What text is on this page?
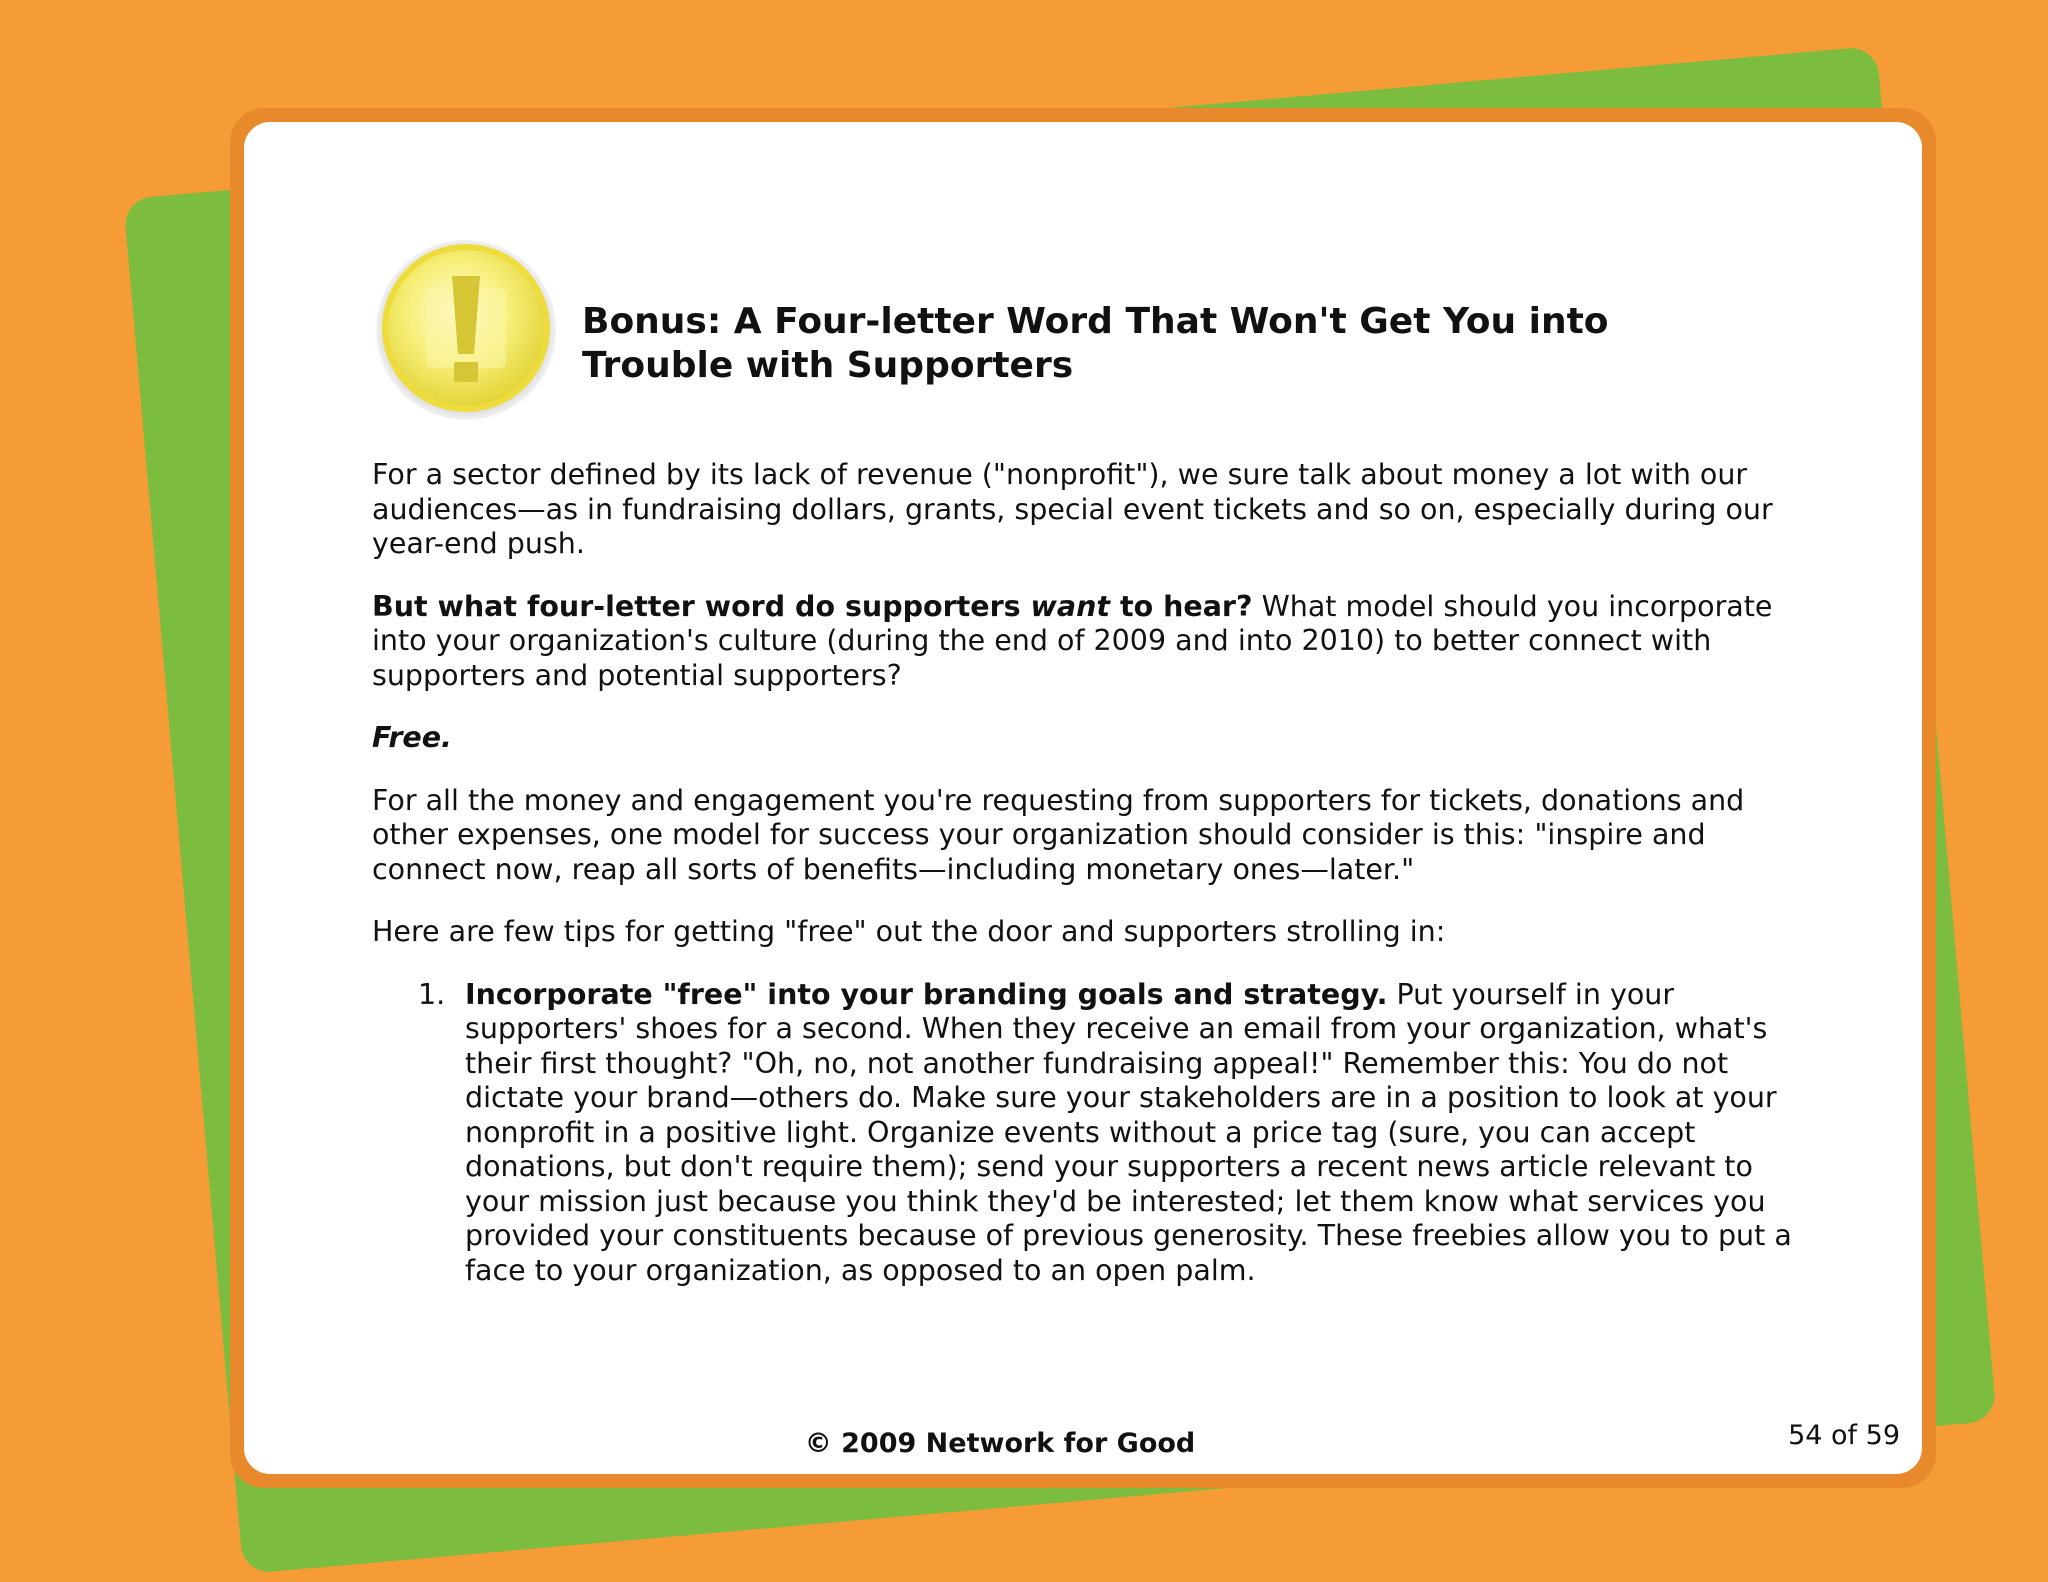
Bonus: A Four-letter Word That Won't Get You into
Trouble with Supporters

For a sector defined by its lack of revenue ("nonprofit"), we sure talk about money a lot with our audiences—as in fundraising dollars, grants, special event tickets and so on, especially during our year-end push.

But what four-letter word do supporters want to hear? What model should you incorporate into your organization's culture (during the end of 2009 and into 2010) to better connect with supporters and potential supporters?

Free.

For all the money and engagement you're requesting from supporters for tickets, donations and other expenses, one model for success your organization should consider is this: "inspire and connect now, reap all sorts of benefits—including monetary ones—later."

Here are few tips for getting "free" out the door and supporters strolling in:

1. Incorporate "free" into your branding goals and strategy. Put yourself in your supporters' shoes for a second. When they receive an email from your organization, what's their first thought? "Oh, no, not another fundraising appeal!" Remember this: You do not dictate your brand—others do. Make sure your stakeholders are in a position to look at your nonprofit in a positive light. Organize events without a price tag (sure, you can accept donations, but don't require them); send your supporters a recent news article relevant to your mission just because you think they'd be interested; let them know what services you provided your constituents because of previous generosity. These freebies allow you to put a face to your organization, as opposed to an open palm.
© 2009 Network for Good	54 of 59
